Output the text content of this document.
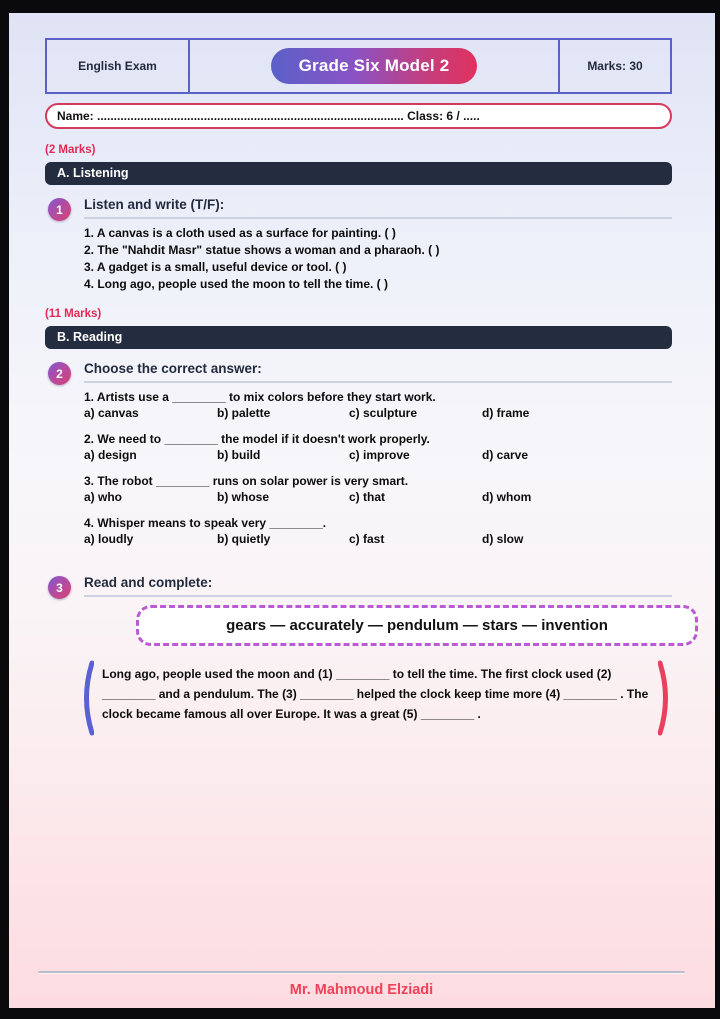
English Exam	Grade Six Model 2	Marks: 30
Name: ............................................................................................ Class: 6 / .....
(2 Marks)
A. Listening
1	Listen and write (T/F):
1. A canvas is a cloth used as a surface for painting. ( )
2. The "Nahdit Masr" statue shows a woman and a pharaoh. ( )
3. A gadget is a small, useful device or tool. ( )
4. Long ago, people used the moon to tell the time. ( )
(11 Marks)
B. Reading
2	Choose the correct answer:
1. Artists use a ________ to mix colors before they start work.
a) canvas	b) palette	c) sculpture	d) frame
2. We need to ________ the model if it doesn't work properly.
a) design	b) build	c) improve	d) carve
3. The robot ________ runs on solar power is very smart.
a) who	b) whose	c) that	d) whom
4. Whisper means to speak very ________.
a) loudly	b) quietly	c) fast	d) slow
3	Read and complete:
gears — accurately — pendulum — stars — invention
Long ago, people used the moon and (1) ________ to tell the time. The first clock used (2) ________ and a pendulum. The (3) ________ helped the clock keep time more (4) ________ . The clock became famous all over Europe. It was a great (5) ________ .
Mr. Mahmoud Elziadi
